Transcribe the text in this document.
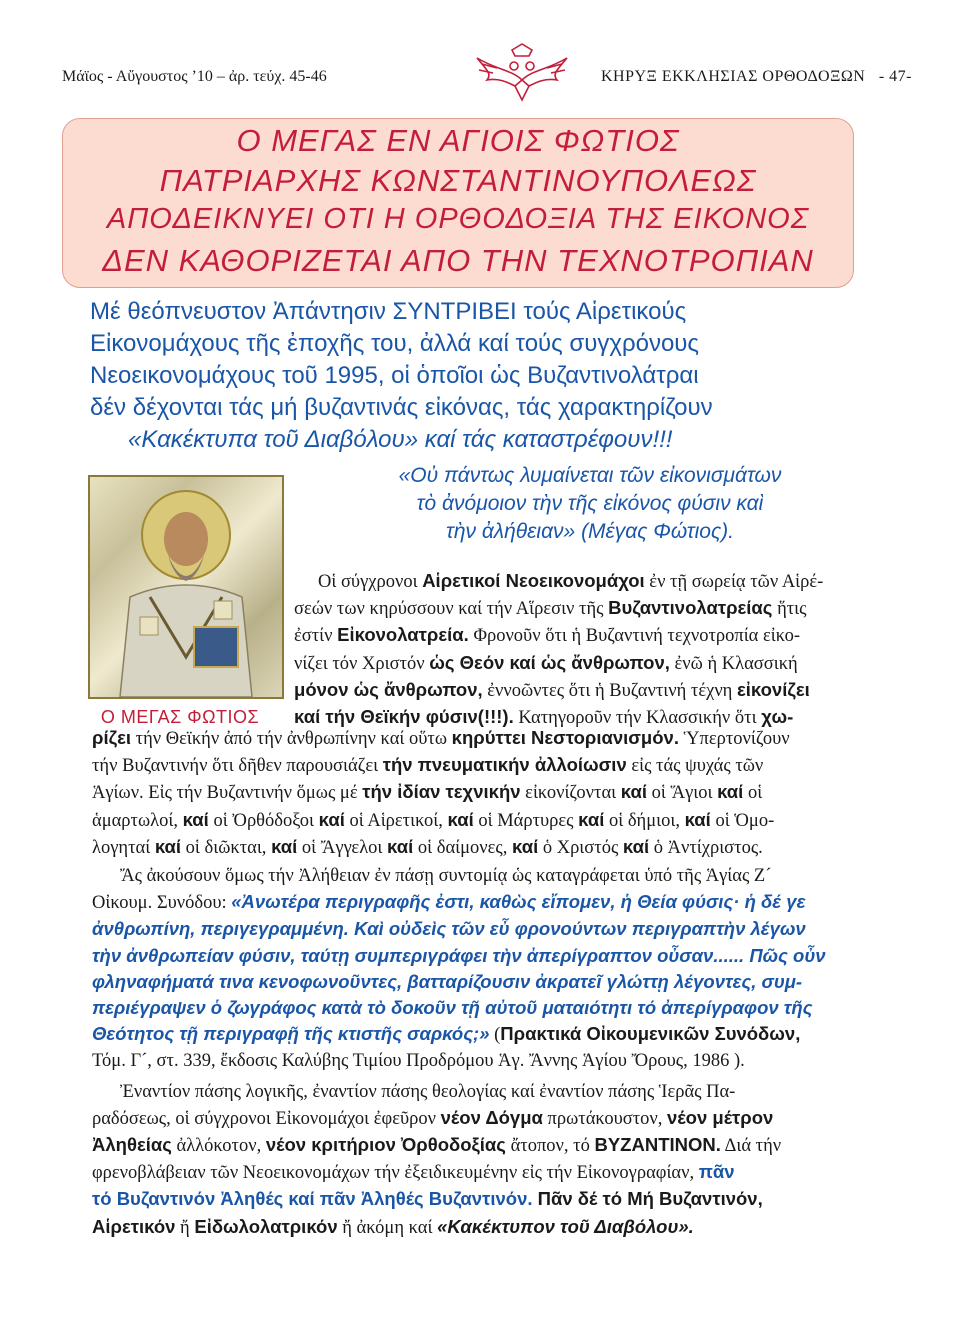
Μάϊος - Αὔγουστος ’10 – ἀρ. τεύχ. 45-46	ΚΗΡΥΞ ΕΚΚΛΗΣΙΑΣ ΟΡΘΟΔΟΞΩΝ - 47-
Ο ΜΕΓΑΣ ΕΝ ΑΓΙΟΙΣ ΦΩΤΙΟΣ
ΠΑΤΡΙΑΡΧΗΣ ΚΩΝΣΤΑΝΤΙΝΟΥΠΟΛΕΩΣ
ΑΠΟΔΕΙΚΝΥΕΙ ΟΤΙ Η ΟΡΘΟΔΟΞΙΑ ΤΗΣ ΕΙΚΟΝΟΣ
ΔΕΝ ΚΑΘΟΡΙΖΕΤΑΙ ΑΠΟ ΤΗΝ ΤΕΧΝΟΤΡΟΠΙΑΝ
Μέ θεόπνευστον Ἀπάντησιν ΣΥΝΤΡΙΒΕΙ τούς Αἱρετικούς
Εἰκονομάχους τῆς ἐποχῆς του, ἀλλά καί τούς συγχρόνους
Νεοεικονομάχους τοῦ 1995, οἱ ὁποῖοι ὡς Βυζαντινολάτραι
δέν δέχονται τάς μή βυζαντινάς εἰκόνας, τάς χαρακτηρίζουν
«Κακέκτυπα τοῦ Διαβόλου» καί τάς καταστρέφουν!!!
«Οὐ πάντως λυμαίνεται τῶν εἰκονισμάτων
τὸ ἀνόμοιον τὴν τῆς εἰκόνος φύσιν καὶ
τὴν ἀλήθειαν» (Μέγας Φώτιος).
Ο ΜΕΓΑΣ ΦΩΤΙΟΣ
Οἱ σύγχρονοι Αἱρετικοί Νεοεικονομάχοι ἐν τῇ σωρείᾳ τῶν Αἱρέ-
σεών των κηρύσσουν καί τήν Αἵρεσιν τῆς Βυζαντινολατρείας ἥτις
ἐστίν Εἰκονολατρεία. Φρονοῦν ὅτι ἡ Βυζαντινή τεχνοτροπία εἰκο-
νίζει τόν Χριστόν ὡς Θεόν καί ὡς ἄνθρωπον, ἐνῶ ἡ Κλασσική
μόνον ὡς ἄνθρωπον, ἐννοῶντες ὅτι ἡ Βυζαντινή τέχνη εἰκονίζει
καί τήν Θεϊκήν φύσιν(!!!). Κατηγοροῦν τήν Κλασσικήν ὅτι χω-
ρίζει τήν Θεϊκήν ἀπό τήν ἀνθρωπίνην καί οὕτω κηρύττει Νεστοριανισμόν. Ὑπερτονίζουν
τήν Βυζαντινήν ὅτι δῆθεν παρουσιάζει τήν πνευματικήν ἀλλοίωσιν εἰς τάς ψυχάς τῶν
Ἁγίων. Εἰς τήν Βυζαντινήν ὅμως μέ τήν ἰδίαν τεχνικήν εἰκονίζονται καί οἱ Ἅγιοι καί οἱ
ἁμαρτωλοί, καί οἱ Ὀρθόδοξοι καί οἱ Αἱρετικοί, καί οἱ Μάρτυρες καί οἱ δήμιοι, καί οἱ Ὁμο-
λογηταί καί οἱ διῶκται, καί οἱ Ἄγγελοι καί οἱ δαίμονες, καί ὁ Χριστός καί ὁ Ἀντίχριστος.
Ἄς ἀκούσουν ὅμως τήν Ἀλήθειαν ἐν πάσῃ συντομίᾳ ὡς καταγράφεται ὑπό τῆς Ἁγίας Ζ´
Οἰκουμ. Συνόδου: «Ἀνωτέρα περιγραφῆς ἐστι, καθὼς εἴπομεν, ἡ Θεία φύσις· ἡ δέ γε
ἀνθρωπίνη, περιγεγραμμένη. Καὶ οὐδεὶς τῶν εὖ φρονούντων περιγραπτὴν λέγων
τὴν ἀνθρωπείαν φύσιν, ταύτῃ συμπεριγράφει τὴν ἀπερίγραπτον οὖσαν...... Πῶς οὖν
φληναφήματά τινα κενοφωνοῦντες, βατταρίζουσιν ἀκρατεῖ γλώττῃ λέγοντες, συμ-
περιέγραψεν ὁ ζωγράφος κατὰ τὸ δοκοῦν τῇ αὐτοῦ ματαιότητι τό ἀπερίγραφον τῆς
Θεότητος τῇ περιγραφῇ τῆς κτιστῆς σαρκός;» (Πρακτικά Οἰκουμενικῶν Συνόδων,
Τόμ. Γ´, στ. 339, ἔκδοσις Καλύβης Τιμίου Προδρόμου Ἁγ. Ἄννης Ἁγίου Ὄρους, 1986 ).
Ἐναντίον πάσης λογικῆς, ἐναντίον πάσης θεολογίας καί ἐναντίον πάσης Ἱερᾶς Πα-
ραδόσεως, οἱ σύγχρονοι Εἰκονομάχοι ἐφεῦρον νέον Δόγμα πρωτάκουστον, νέον μέτρον
Ἀληθείας ἀλλόκοτον, νέον κριτήριον Ὀρθοδοξίας ἄτοπον, τό ΒΥΖΑΝΤΙΝΟΝ. Διά τήν
φρενοβλάβειαν τῶν Νεοεικονομάχων τήν ἐξειδικευμένην εἰς τήν Εἰκονογραφίαν, πᾶν
τό Βυζαντινόν Ἀληθές καί πᾶν Ἀληθές Βυζαντινόν. Πᾶν δέ τό Μή Βυζαντινόν,
Αἱρετικόν ἤ Εἰδωλολατρικόν ἤ ἀκόμη καί «Κακέκτυπον τοῦ Διαβόλου».
